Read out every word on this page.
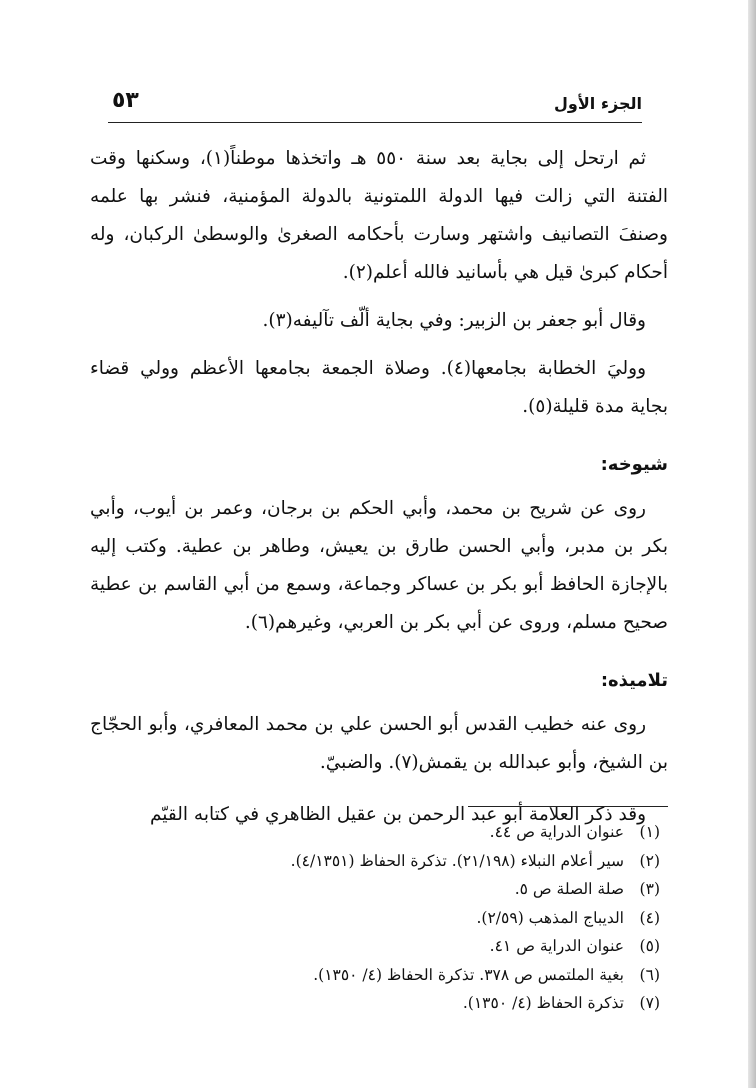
الجزء الأول
٥٣

ثم ارتحل إلى بجاية بعد سنة ٥٥٠ هـ واتخذها موطناً(١)، وسكنها وقت الفتنة التي زالت فيها الدولة اللمتونية بالدولة المؤمنية، فنشر بها علمه وصنفَ التصانيف واشتهر وسارت بأحكامه الصغرىٰ والوسطىٰ الركبان، وله أحكام كبرىٰ قيل هي بأسانيد فالله أعلم(٢).

وقال أبو جعفر بن الزبير: وفي بجاية ألّف تآليفه(٣).

ووليَ الخطابة بجامعها(٤). وصلاة الجمعة بجامعها الأعظم وولي قضاء بجاية مدة قليلة(٥).

شيوخه:

روى عن شريح بن محمد، وأبي الحكم بن برجان، وعمر بن أيوب، وأبي بكر بن مدبر، وأبي الحسن طارق بن يعيش، وطاهر بن عطية. وكتب إليه بالإجازة الحافظ أبو بكر بن عساكر وجماعة، وسمع من أبي القاسم بن عطية صحيح مسلم، وروى عن أبي بكر بن العربي، وغيرهم(٦).

تلاميذه:

روى عنه خطيب القدس أبو الحسن علي بن محمد المعافري، وأبو الحجّاج بن الشيخ، وأبو عبدالله بن يقمش(٧). والضبيّ.

وقد ذكر العلامة أبو عبد الرحمن بن عقيل الظاهري في كتابه القيّم

(١)
عنوان الدراية ص ٤٤.
(٢)
سير أعلام النبلاء (٢١/١٩٨). تذكرة الحفاظ (٤/١٣٥١).
(٣)
صلة الصلة ص ٥.
(٤)
الديباج المذهب (٢/٥٩).
(٥)
عنوان الدراية ص ٤١.
(٦)
بغية الملتمس ص ٣٧٨. تذكرة الحفاظ (٤/ ١٣٥٠).
(٧)
تذكرة الحفاظ (٤/ ١٣٥٠).
